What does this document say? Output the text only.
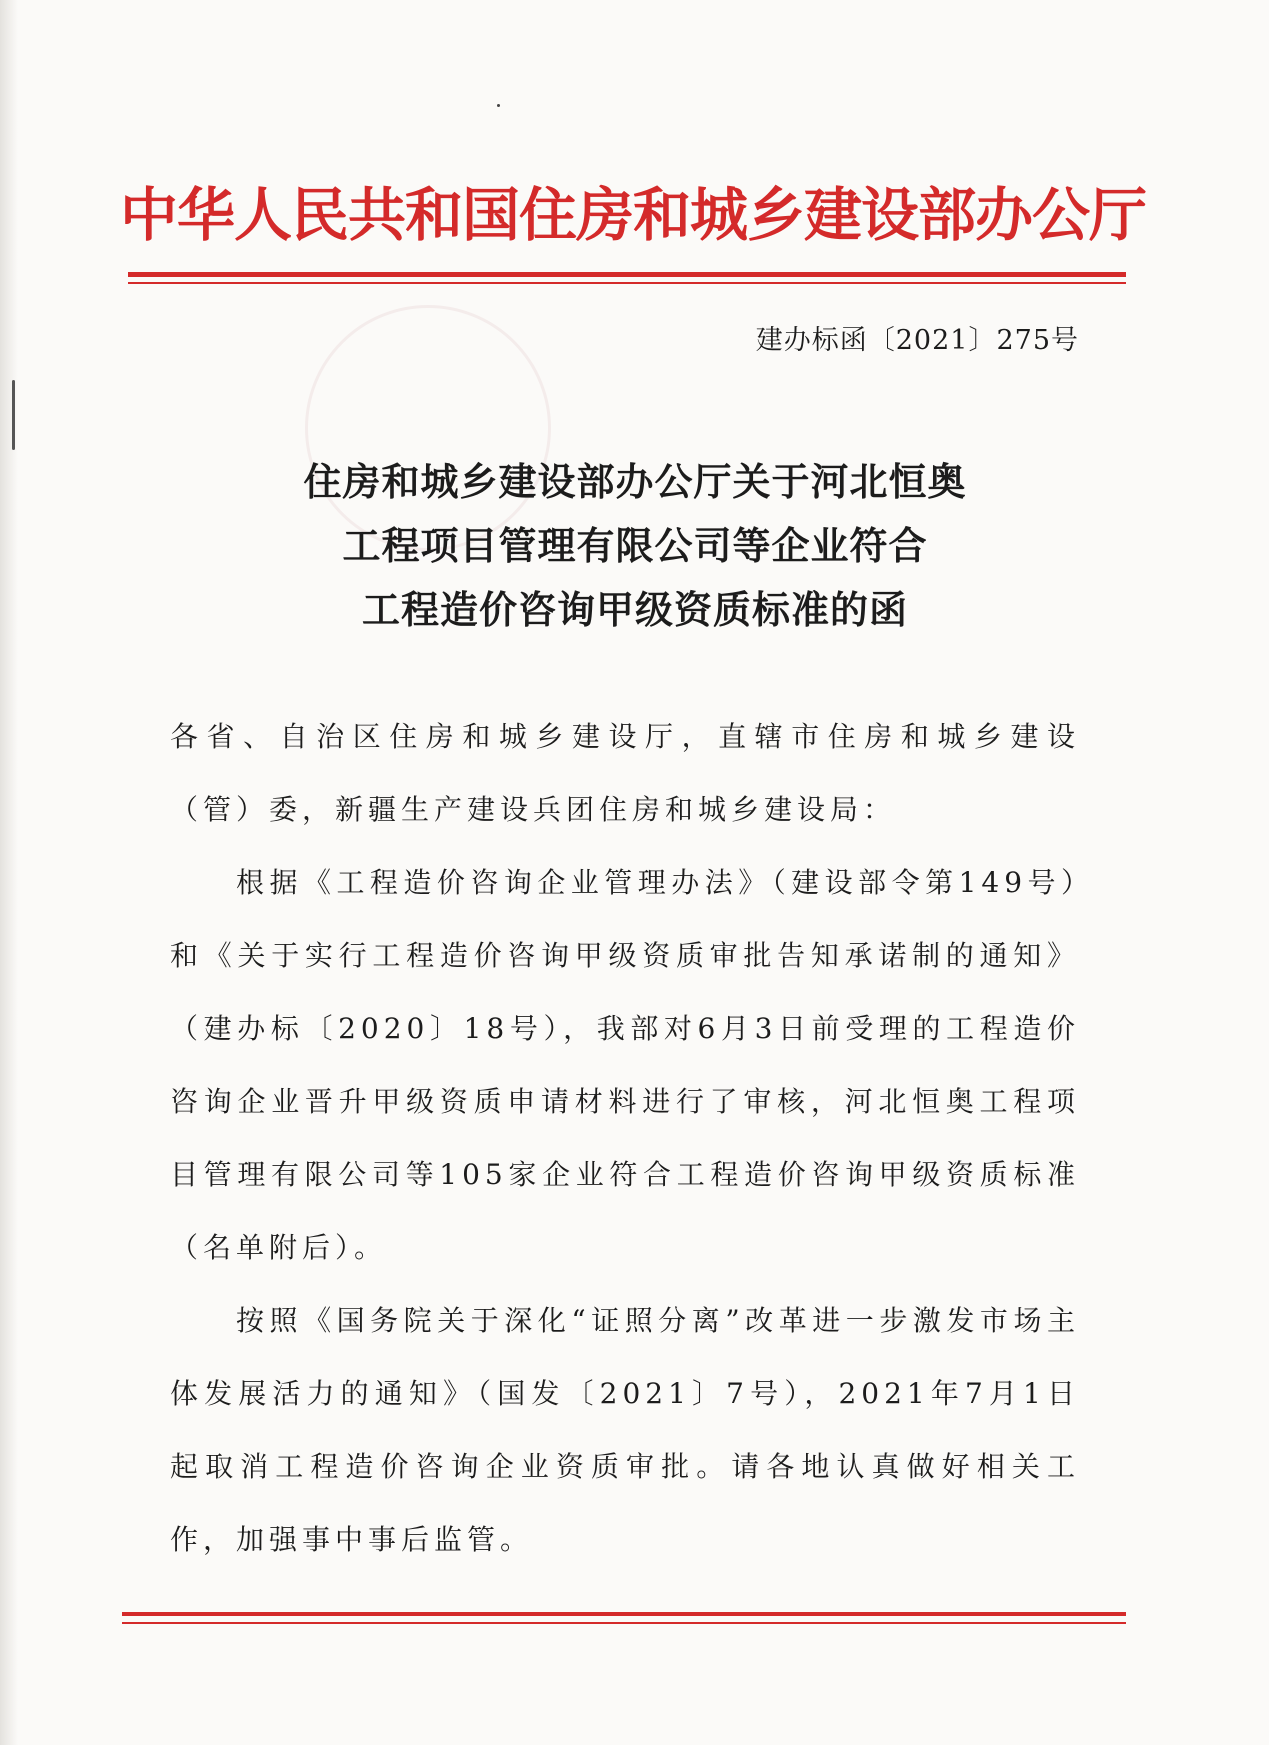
中华人民共和国住房和城乡建设部办公厅
建办标函〔2021〕275号
住房和城乡建设部办公厅关于河北恒奥
工程项目管理有限公司等企业符合
工程造价咨询甲级资质标准的函

各省、自治区住房和城乡建设厅，直辖市住房和城乡建设（管）委，新疆生产建设兵团住房和城乡建设局：

根据《工程造价咨询企业管理办法》（建设部令第149号）和《关于实行工程造价咨询甲级资质审批告知承诺制的通知》（建办标〔2020〕18号），我部对6月3日前受理的工程造价咨询企业晋升甲级资质申请材料进行了审核，河北恒奥工程项目管理有限公司等105家企业符合工程造价咨询甲级资质标准（名单附后）。

按照《国务院关于深化“证照分离”改革进一步激发市场主体发展活力的通知》（国发〔2021〕7号），2021年7月1日起取消工程造价咨询企业资质审批。请各地认真做好相关工作，加强事中事后监管。
